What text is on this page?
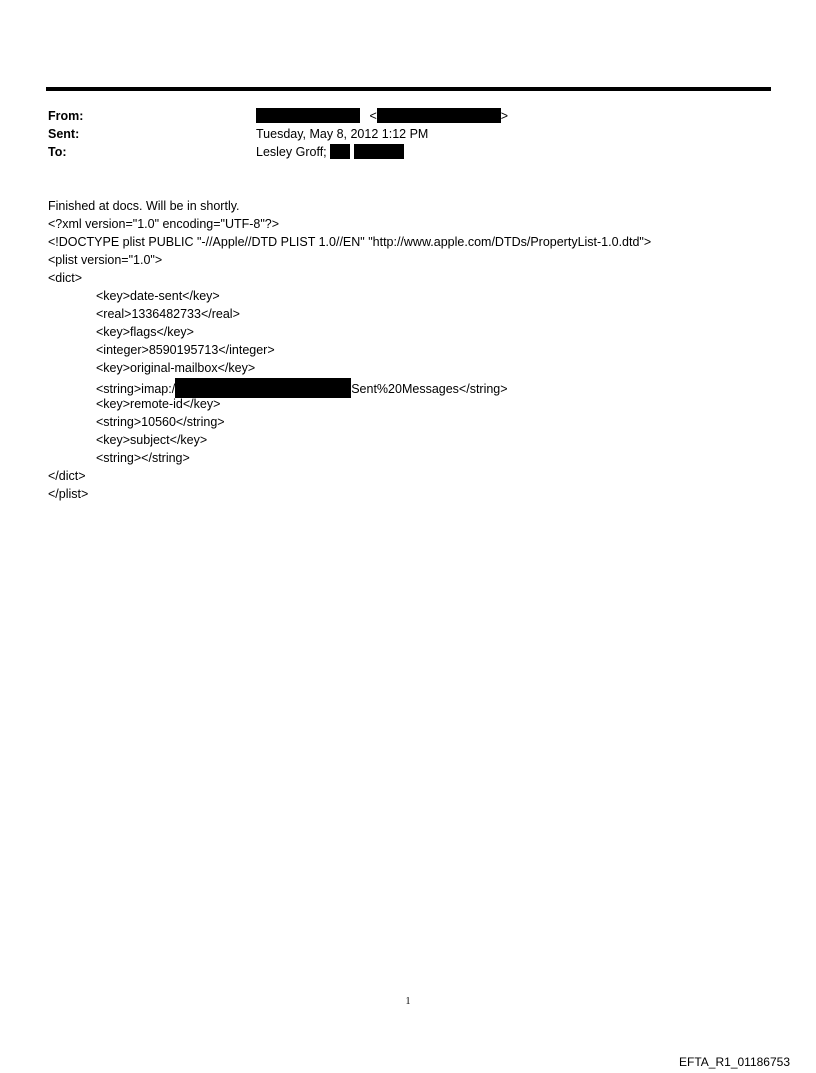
From:	<	>
Sent:	Tuesday, May 8, 2012 1:12 PM
To:	Lesley Groff;
Finished at docs. Will be in shortly.
<?xml version="1.0" encoding="UTF-8"?>
<!DOCTYPE plist PUBLIC "-//Apple//DTD PLIST 1.0//EN" "http://www.apple.com/DTDs/PropertyList-1.0.dtd">
<plist version="1.0">
<dict>
<key>date-sent</key>
<real>1336482733</real>
<key>flags</key>
<integer>8590195713</integer>
<key>original-mailbox</key>
<string>imap:/	Sent%20Messages</string>
<key>remote-id</key>
<string>10560</string>
<key>subject</key>
<string></string>
</dict>
</plist>
1
EFTA_R1_01186753
